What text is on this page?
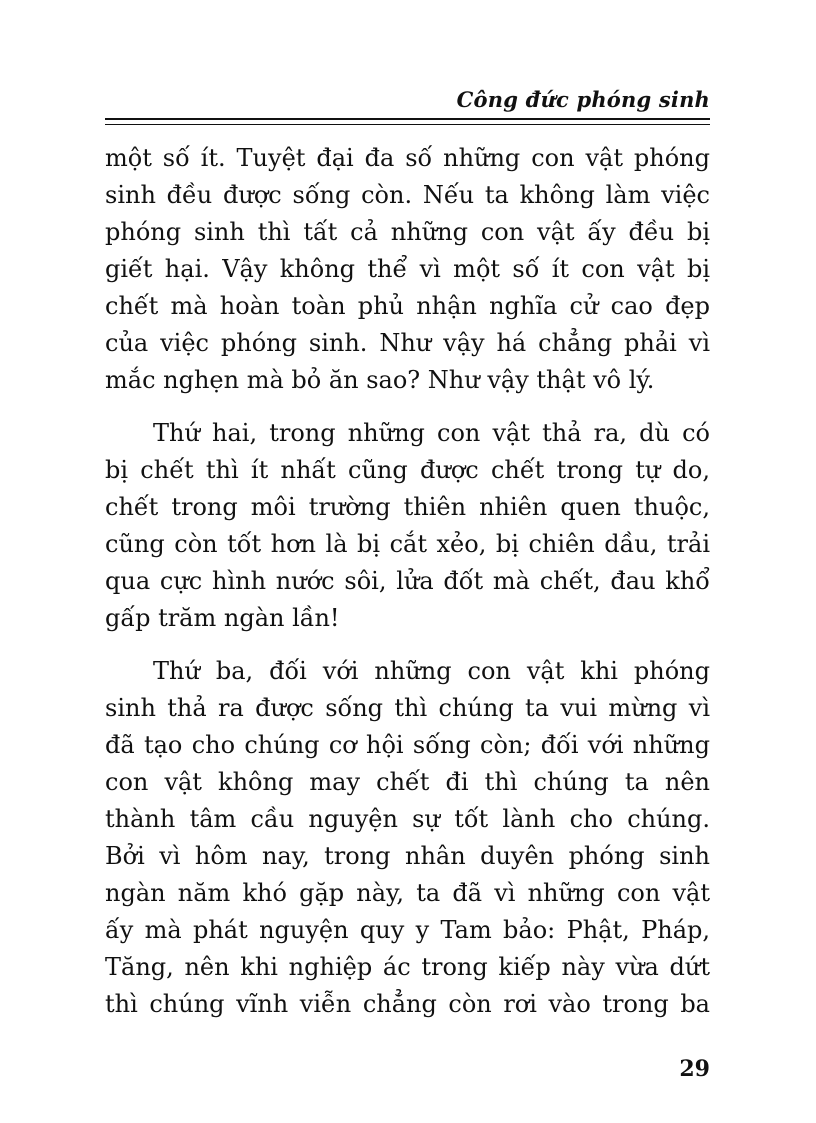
Công đức phóng sinh

một số ít. Tuyệt đại đa số những con vật phóng
sinh đều được sống còn. Nếu ta không làm việc
phóng sinh thì tất cả những con vật ấy đều bị
giết hại. Vậy không thể vì một số ít con vật bị
chết mà hoàn toàn phủ nhận nghĩa cử cao đẹp
của việc phóng sinh. Như vậy há chẳng phải vì
mắc nghẹn mà bỏ ăn sao? Như vậy thật vô lý.

Thứ hai, trong những con vật thả ra, dù có
bị chết thì ít nhất cũng được chết trong tự do,
chết trong môi trường thiên nhiên quen thuộc,
cũng còn tốt hơn là bị cắt xẻo, bị chiên dầu, trải
qua cực hình nước sôi, lửa đốt mà chết, đau khổ
gấp trăm ngàn lần!

Thứ ba, đối với những con vật khi phóng
sinh thả ra được sống thì chúng ta vui mừng vì
đã tạo cho chúng cơ hội sống còn; đối với những
con vật không may chết đi thì chúng ta nên
thành tâm cầu nguyện sự tốt lành cho chúng.
Bởi vì hôm nay, trong nhân duyên phóng sinh
ngàn năm khó gặp này, ta đã vì những con vật
ấy mà phát nguyện quy y Tam bảo: Phật, Pháp,
Tăng, nên khi nghiệp ác trong kiếp này vừa dứt
thì chúng vĩnh viễn chẳng còn rơi vào trong ba

29
